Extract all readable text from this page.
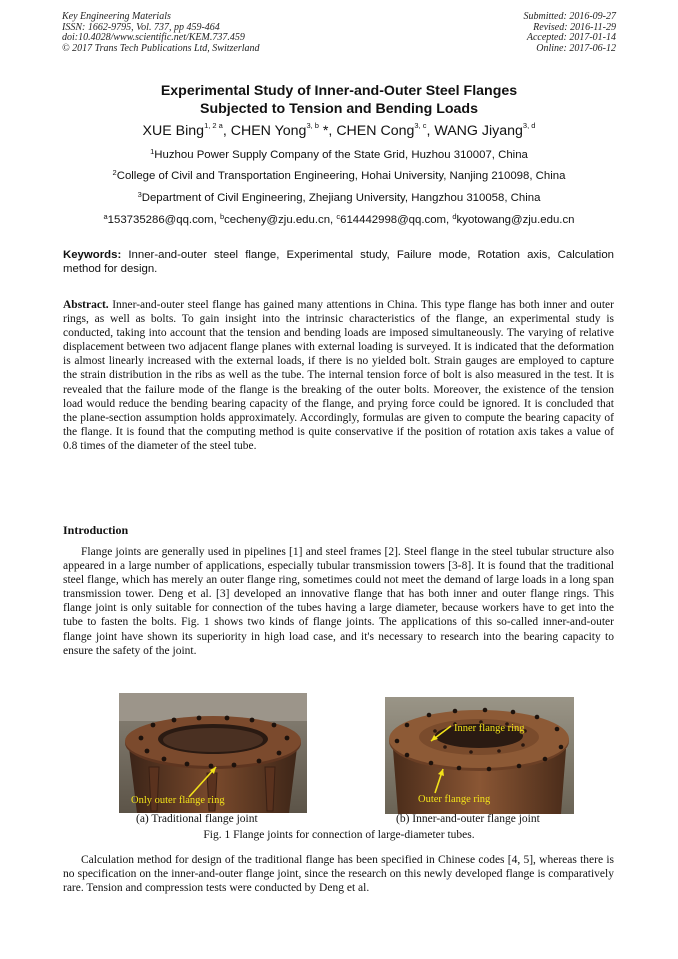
Key Engineering Materials
ISSN: 1662-9795, Vol. 737, pp 459-464
doi:10.4028/www.scientific.net/KEM.737.459
© 2017 Trans Tech Publications Ltd, Switzerland
Submitted: 2016-09-27
Revised: 2016-11-29
Accepted: 2017-01-14
Online: 2017-06-12
Experimental Study of Inner-and-Outer Steel Flanges
Subjected to Tension and Bending Loads
XUE Bing$^{1, 2 a}$, CHEN Yong$^{3, b}$ *, CHEN Cong$^{3, c}$, WANG Jiyang$^{3, d}$
$^1$Huzhou Power Supply Company of the State Grid, Huzhou 310007, China
$^2$College of Civil and Transportation Engineering, Hohai University, Nanjing 210098, China
$^3$Department of Civil Engineering, Zhejiang University, Hangzhou 310058, China
$^a$153735286@qq.com, $^b$cecheny@zju.edu.cn, $^c$614442998@qq.com, $^d$kyotowang@zju.edu.cn
Keywords: Inner-and-outer steel flange, Experimental study, Failure mode, Rotation axis, Calculation method for design.
Abstract. Inner-and-outer steel flange has gained many attentions in China. This type flange has both inner and outer rings, as well as bolts. To gain insight into the intrinsic characteristics of the flange, an experimental study is conducted, taking into account that the tension and bending loads are imposed simultaneously. The varying of relative displacement between two adjacent flange planes with external loading is surveyed. It is indicated that the deformation is almost linearly increased with the external loads, if there is no yielded bolt. Strain gauges are employed to capture the strain distribution in the ribs as well as the tube. The internal tension force of bolt is also measured in the test. It is revealed that the failure mode of the flange is the breaking of the outer bolts. Moreover, the existence of the tension load would reduce the bending bearing capacity of the flange, and prying force could be ignored. It is concluded that the plane-section assumption holds approximately. Accordingly, formulas are given to compute the bearing capacity of the flange. It is found that the computing method is quite conservative if the position of rotation axis takes a value of 0.8 times of the diameter of the steel tube.
Introduction

Flange joints are generally used in pipelines [1] and steel frames [2]. Steel flange in the steel tubular structure also appeared in a large number of applications, especially tubular transmission towers [3-8]. It is found that the traditional steel flange, which has merely an outer flange ring, sometimes could not meet the demand of large loads in a long span transmission tower. Deng et al. [3] developed an innovative flange that has both inner and outer flange rings. This flange joint is only suitable for connection of the tubes having a large diameter, because workers have to get into the tube to fasten the bolts. Fig. 1 shows two kinds of flange joints. The applications of this so-called inner-and-outer flange joint have shown its superiority in high load case, and it's necessary to research into the bearing capacity to ensure the safety of the joint.

Only outer flange ring
(a) Traditional flange joint
Inner flange ring
Outer flange ring
(b) Inner-and-outer flange joint
Fig. 1 Flange joints for connection of large-diameter tubes.

Calculation method for design of the traditional flange has been specified in Chinese codes [4, 5], whereas there is no specification on the inner-and-outer flange joint, since the research on this newly developed flange is comparatively rare. Tension and compression tests were conducted by Deng et al.
